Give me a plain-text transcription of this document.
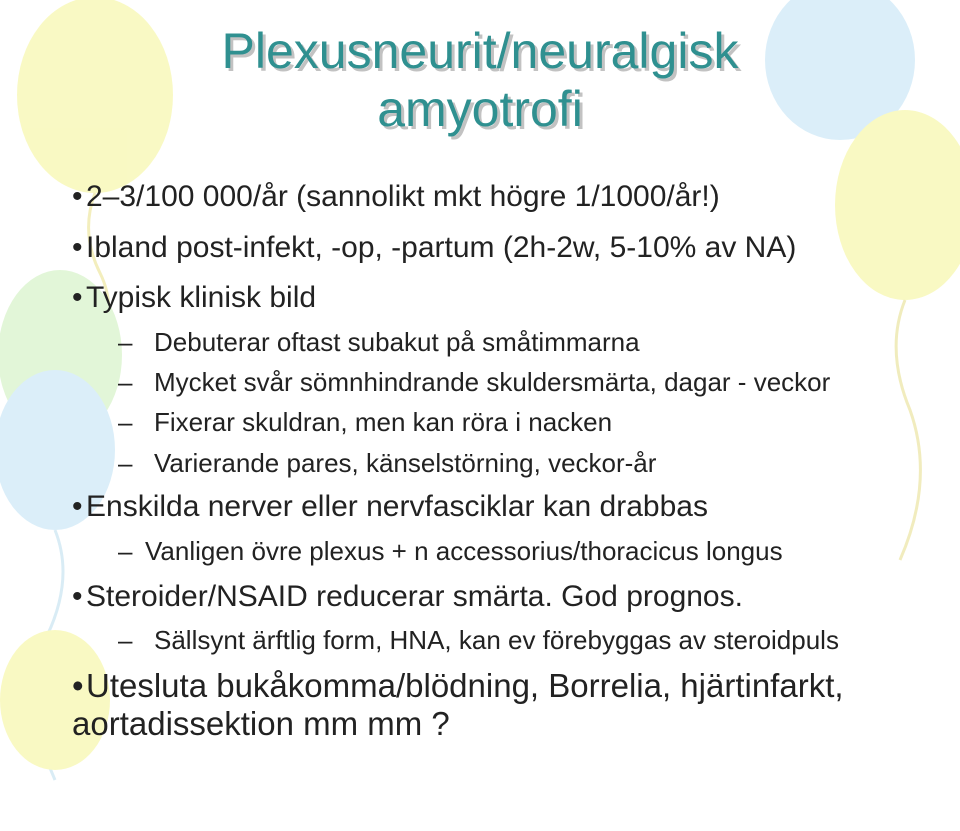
Plexusneurit/neuralgisk
amyotrofi
• 2–3/100 000/år (sannolikt mkt högre 1/1000/år!)
• Ibland post-infekt, -op, -partum (2h-2w, 5-10% av NA)
• Typisk klinisk bild
– Debuterar oftast subakut på småtimmarna
– Mycket svår sömnhindrande skuldersmärta, dagar - veckor
– Fixerar skuldran, men kan röra i nacken
– Varierande pares, känselstörning, veckor-år
• Enskilda nerver eller nervfasciklar kan drabbas
– Vanligen övre plexus + n accessorius/thoracicus longus
• Steroider/NSAID reducerar smärta. God prognos.
– Sällsynt ärftlig form, HNA, kan ev förebyggas av steroidpuls
• Utesluta bukåkomma/blödning, Borrelia, hjärtinfarkt,
aortadissektion mm mm ?
